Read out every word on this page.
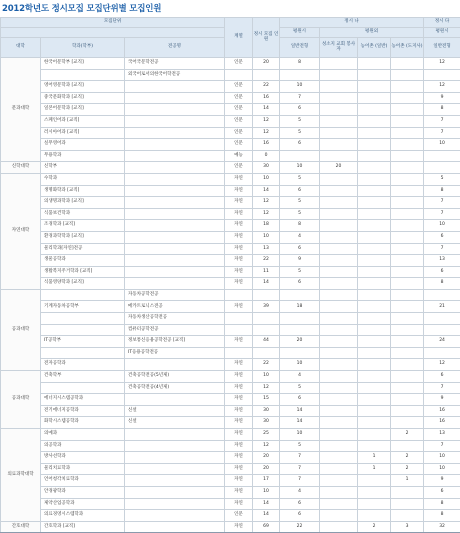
2012학년도 정시모집 모집단위별 모집인원
모집단위			계열	정시 모집 인원	정시 나				정시 다
					평원시	평원외			평원시
대학	학과(학부)	전공명			일반전형	성소지 교회 봉사자	농어촌 (일반)	농어촌 (도지사)	일반전형
문과대학	한국어문학부 [교직]	국어국문학전공	인문	20	8				12
		외국어로서의한국어학전공							
	영어영문학과 [교직]		인문	22	10				12
	중국문화학과 [교직]		인문	16	7				9
	일본어문학과 [교직]		인문	14	6				8
	스페인어과 [교직]		인문	12	5				7
	러시아어과 [교직]		인문	12	5				7
	실무영어과		인문	16	6				10
	무용학과		예능	0					
신학대학	신학부		인문	30	10	20			
자연대학	수학과		자연	10	5				5
	생명화학과 [교직]		자연	14	6				8
	의생명과학과 [교직]		자연	12	5				7
	식품보건학과		자연	12	5				7
	조경학과 [교직]		자연	18	8				10
	환경과학학과 [교직]		자연	10	4				6
	물리학과[자연]전공		자연	13	6				7
	생물공학과		자연	22	9				13
	생활복지주거학과 [교직]		자연	11	5				6
	식품영양학과 [교직]		자연	14	6				8
공과대학		자동차공학전공							
	기계자동차공학부	메카트로닉스전공	자연	39	18				21
		자동차생산공학전공							
		컴퓨터공학전공							
	IT공학부	정보통신응용공학전공 [교직]	자연	44	20				24
		IT응용공학전공							
	전자공학과		자연	22	10				12
공과대학	건축학부	건축공학전공(5년제)	자연	10	4				6
		건축공학전공(4년제)	자연	12	5				7
	에너지시스템공학과		자연	15	6				9
	전기에너지공학과	신설	자연	30	14				16
	화학시스템공학과	신설	자연	30	14				16
의료과학대학	의예과		자연	25	10			2	13
	의공학과		자연	12	5				7
	방사선학과		자연	20	7		1	2	10
	물리치료학과		자연	20	7		1	2	10
	언어청각치료학과		자연	17	7			1	9
	안경광학과		자연	10	4				6
	제약산업공학과		자연	14	6				8
	의료경영시스템학과		인문	14	6				8
간호대학	간호학과 [교직]		자연	69	22		2	3	32
